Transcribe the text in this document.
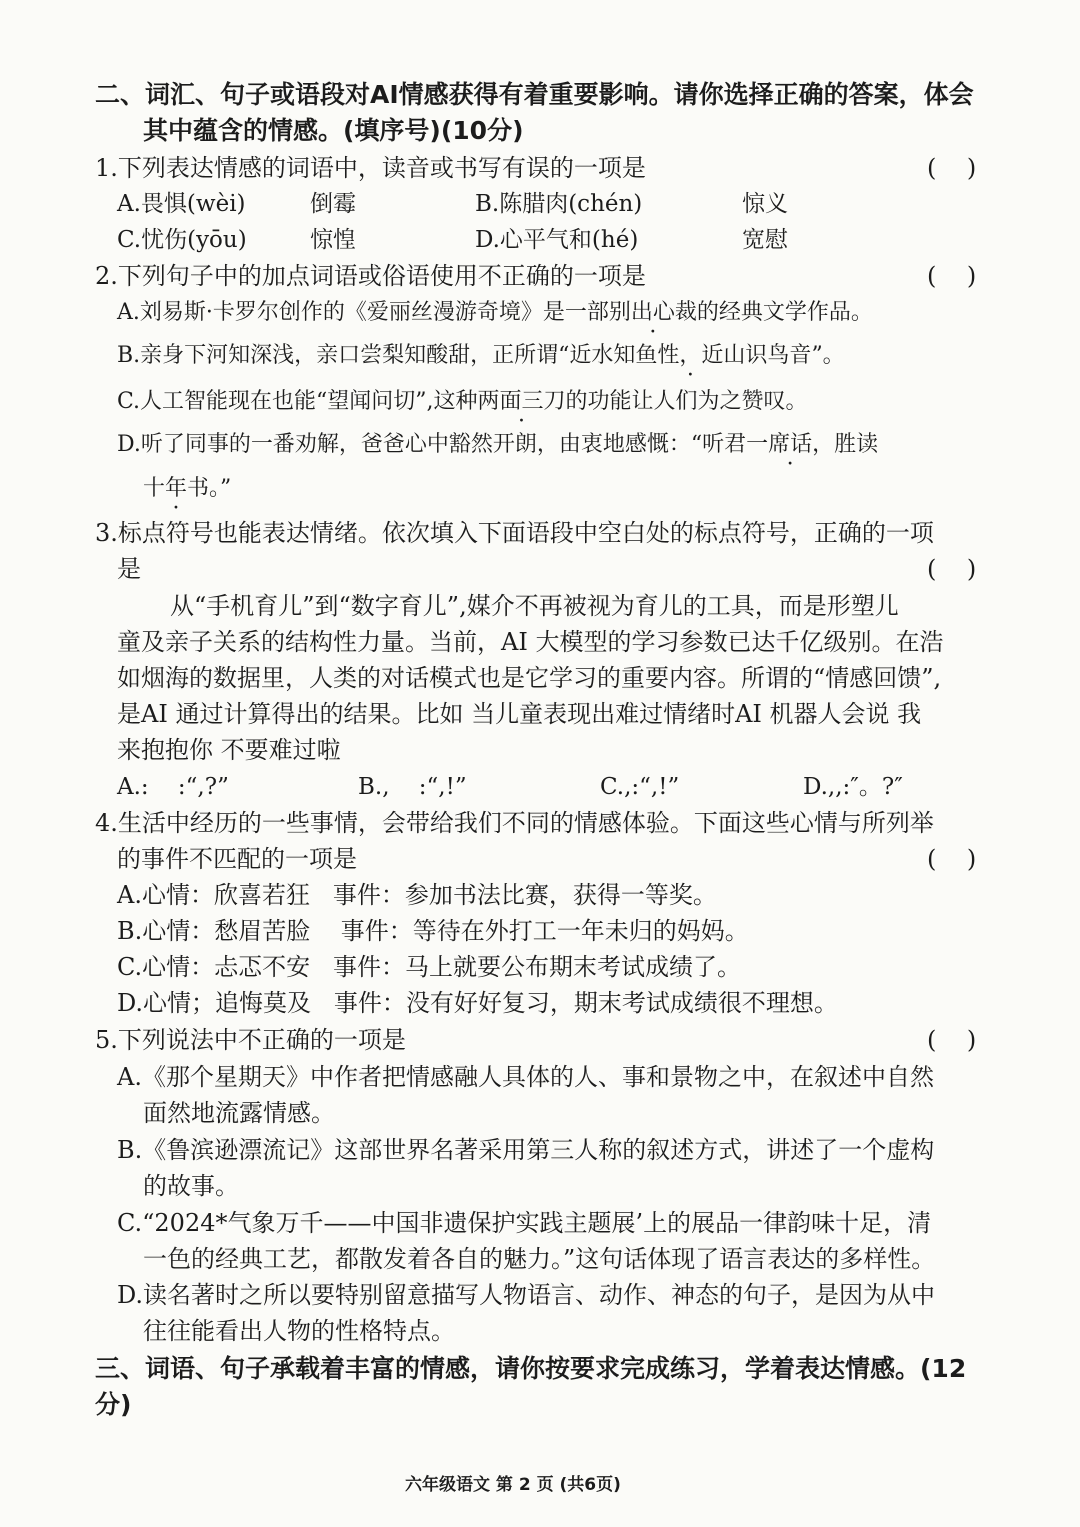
二、词汇、句子或语段对AI情感获得有着重要影响。请你选择正确的答案，体会
其中蕴含的情感。(填序号)(10分)
1.下列表达情感的词语中，读音或书写有误的一项是	(    )
A.畏惧(wèi)	倒霉	B.陈腊肉(chén)	惊义
C.忧伤(yōu)	惊惶	D.心平气和(hé)	宽慰
2.下列句子中的加点词语或俗语使用不正确的一项是	(    )
A.刘易斯·卡罗尔创作的《爱丽丝漫游奇境》是一部别出心裁的经典文学作品。
B.亲身下河知深浅，亲口尝梨知酸甜，正所谓“近水知鱼性，近山识鸟音 ·”。
C.人工智能现在也能“望闻问切”,这种两面三刀的功能让人们为之赞叹。
D.听了同事的一番劝解，爸爸心中豁然开朗，由衷地感慨：“听君一席话，胜读 ·
十年书。”
3.标点符号也能表达情绪。依次填入下面语段中空白处的标点符号，正确的一项
是	(    )
从“手机育儿”到“数字育儿”,媒介不再被视为育儿的工具，而是形塑儿
童及亲子关系的结构性力量。当前，AI 大模型的学习参数已达千亿级别。在浩
如烟海的数据里，人类的对话模式也是它学习的重要内容。所谓的“情感回馈”,
是AI 通过计算得出的结果。比如 当儿童表现出难过情绪时AI 机器人会说 我
来抱抱你 不要难过啦
A.:    :“,?”	B.,    :“,!”	C.,:“,!”	D.,,:″。?″
4.生活中经历的一些事情，会带给我们不同的情感体验。下面这些心情与所列举
的事件不匹配的一项是	(    )
A.心情：欣喜若狂   事件：参加书法比赛，获得一等奖。
B.心情：愁眉苦脸    事件：等待在外打工一年未归的妈妈。
C.心情：忐忑不安   事件：马上就要公布期末考试成绩了。
D.心情；追悔莫及   事件：没有好好复习，期末考试成绩很不理想。
5.下列说法中不正确的一项是	(    )
A.《那个星期天》中作者把情感融人具体的人、事和景物之中，在叙述中自然
面然地流露情感。
B.《鲁滨逊漂流记》这部世界名著采用第三人称的叙述方式，讲述了一个虚构
的故事。
C.“2024*气象万千——中国非遗保护实践主题展’上的展品一律韵味十足，清
一色的经典工艺，都散发着各自的魅力。”这句话体现了语言表达的多样性。
D.读名著时之所以要特别留意描写人物语言、动作、神态的句子，是因为从中
往往能看出人物的性格特点。
三、词语、句子承载着丰富的情感，请你按要求完成练习，学着表达情感。(12
分)
六年级语文 第 2 页 (共6页)
